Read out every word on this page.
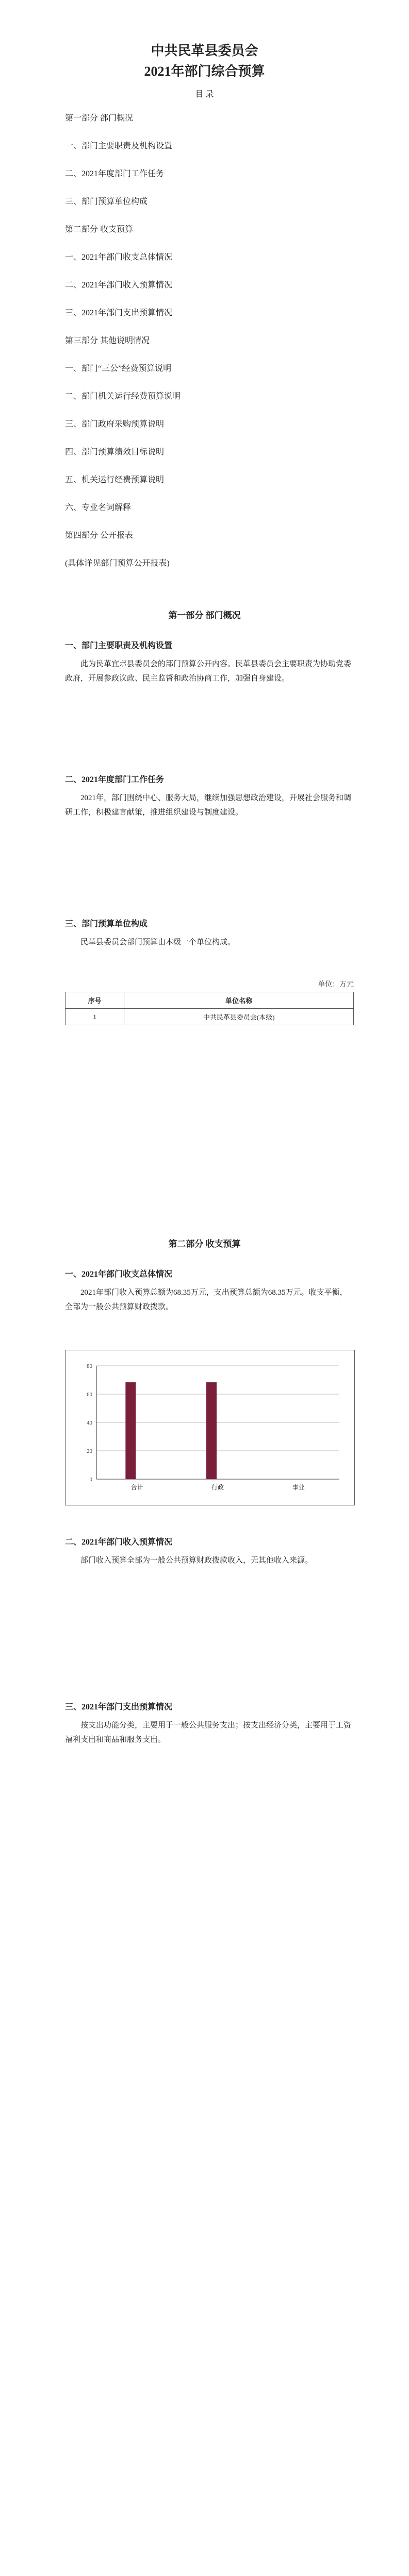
中共民革县委员会
2021年部门综合预算
目 录
第一部分 部门概况
一、部门主要职责及机构设置
二、2021年度部门工作任务
三、部门预算单位构成
第二部分 收支预算
一、2021年部门收支总体情况
二、2021年部门收入预算情况
三、2021年部门支出预算情况
第三部分 其他说明情况
一、部门“三公”经费预算说明
二、部门机关运行经费预算说明
三、部门政府采购预算说明
四、部门预算绩效目标说明
五、机关运行经费预算说明
六、专业名词解释
第四部分 公开报表
(具体详见部门预算公开报表)
第一部分 部门概况
一、部门主要职责及机构设置
此为民革宜ボ县委员会的部门预算公开内容。民革县委员会主要职责为协助党委政府，开展参政议政、民主监督和政治协商工作，加强自身建设。
二、2021年度部门工作任务
2021年，部门围绕中心、服务大局，继续加强思想政治建设，开展社会服务和调研工作，积极建言献策，推进组织建设与制度建设。
三、部门预算单位构成
民革县委员会部门预算由本级一个单位构成。
单位：万元
序号	单位名称
1	中共民革县委员会(本级)
第二部分 收支预算
一、2021年部门收支总体情况
2021年部门收入预算总额为68.35万元，支出预算总额为68.35万元。收支平衡，全部为一般公共预算财政拨款。
0
20
40
60
80
合计	行政	事业
二、2021年部门收入预算情况
部门收入预算全部为一般公共预算财政拨款收入，无其他收入来源。
三、2021年部门支出预算情况
按支出功能分类，主要用于一般公共服务支出；按支出经济分类，主要用于工资福利支出和商品和服务支出。
